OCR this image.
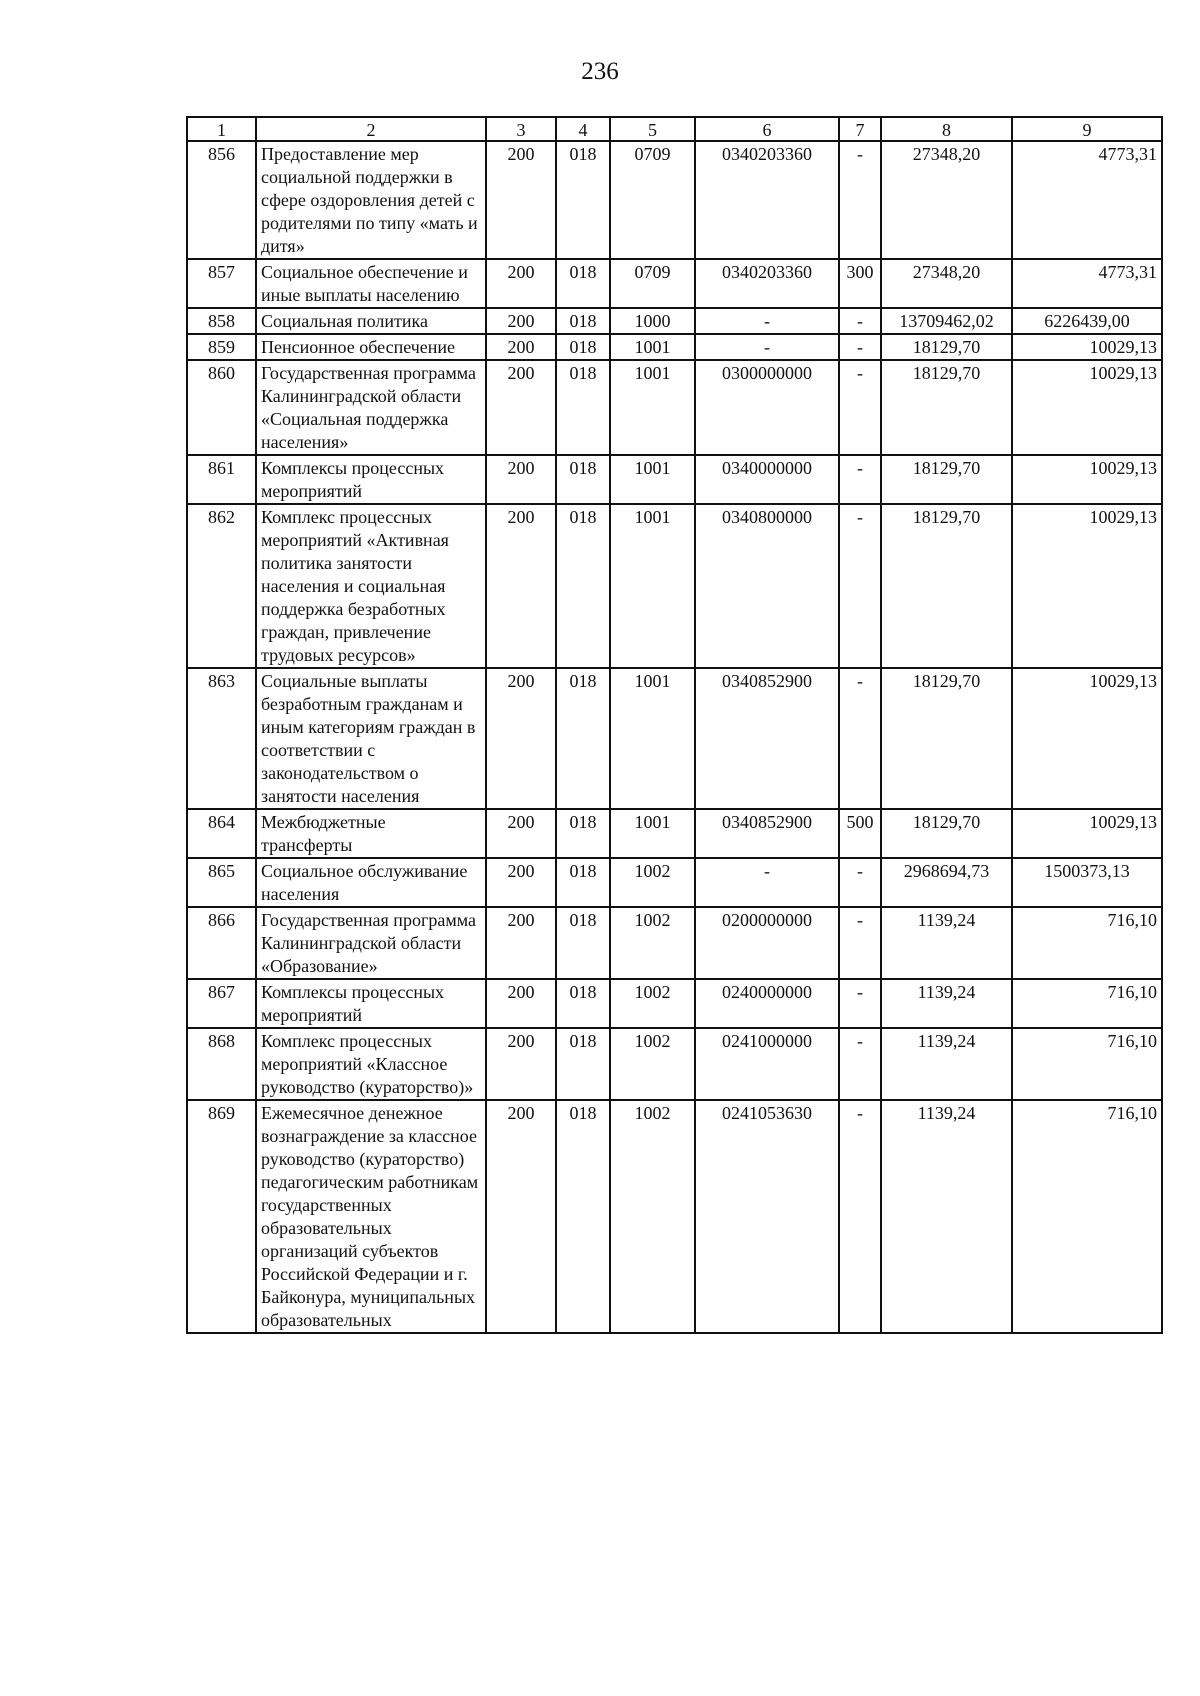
236
1	2	3	4	5	6	7	8	9
856	Предоставление мер социальной поддержки в сфере оздоровления детей с родителями по типу «мать и дитя»	200	018	0709	0340203360	-	27348,20	4773,31
857	Социальное обеспечение и иные выплаты населению	200	018	0709	0340203360	300	27348,20	4773,31
858	Социальная политика	200	018	1000	-	-	13709462,02	6226439,00
859	Пенсионное обеспечение	200	018	1001	-	-	18129,70	10029,13
860	Государственная программа Калининградской области «Социальная поддержка населения»	200	018	1001	0300000000	-	18129,70	10029,13
861	Комплексы процессных мероприятий	200	018	1001	0340000000	-	18129,70	10029,13
862	Комплекс процессных мероприятий «Активная политика занятости населения и социальная поддержка безработных граждан, привлечение трудовых ресурсов»	200	018	1001	0340800000	-	18129,70	10029,13
863	Социальные выплаты безработным гражданам и иным категориям граждан в соответствии с законодательством о занятости населения	200	018	1001	0340852900	-	18129,70	10029,13
864	Межбюджетные трансферты	200	018	1001	0340852900	500	18129,70	10029,13
865	Социальное обслуживание населения	200	018	1002	-	-	2968694,73	1500373,13
866	Государственная программа Калининградской области «Образование»	200	018	1002	0200000000	-	1139,24	716,10
867	Комплексы процессных мероприятий	200	018	1002	0240000000	-	1139,24	716,10
868	Комплекс процессных мероприятий «Классное руководство (кураторство)»	200	018	1002	0241000000	-	1139,24	716,10
869	Ежемесячное денежное вознаграждение за классное руководство (кураторство) педагогическим работникам государственных образовательных организаций субъектов Российской Федерации и г. Байконура, муниципальных образовательных	200	018	1002	0241053630	-	1139,24	716,10
